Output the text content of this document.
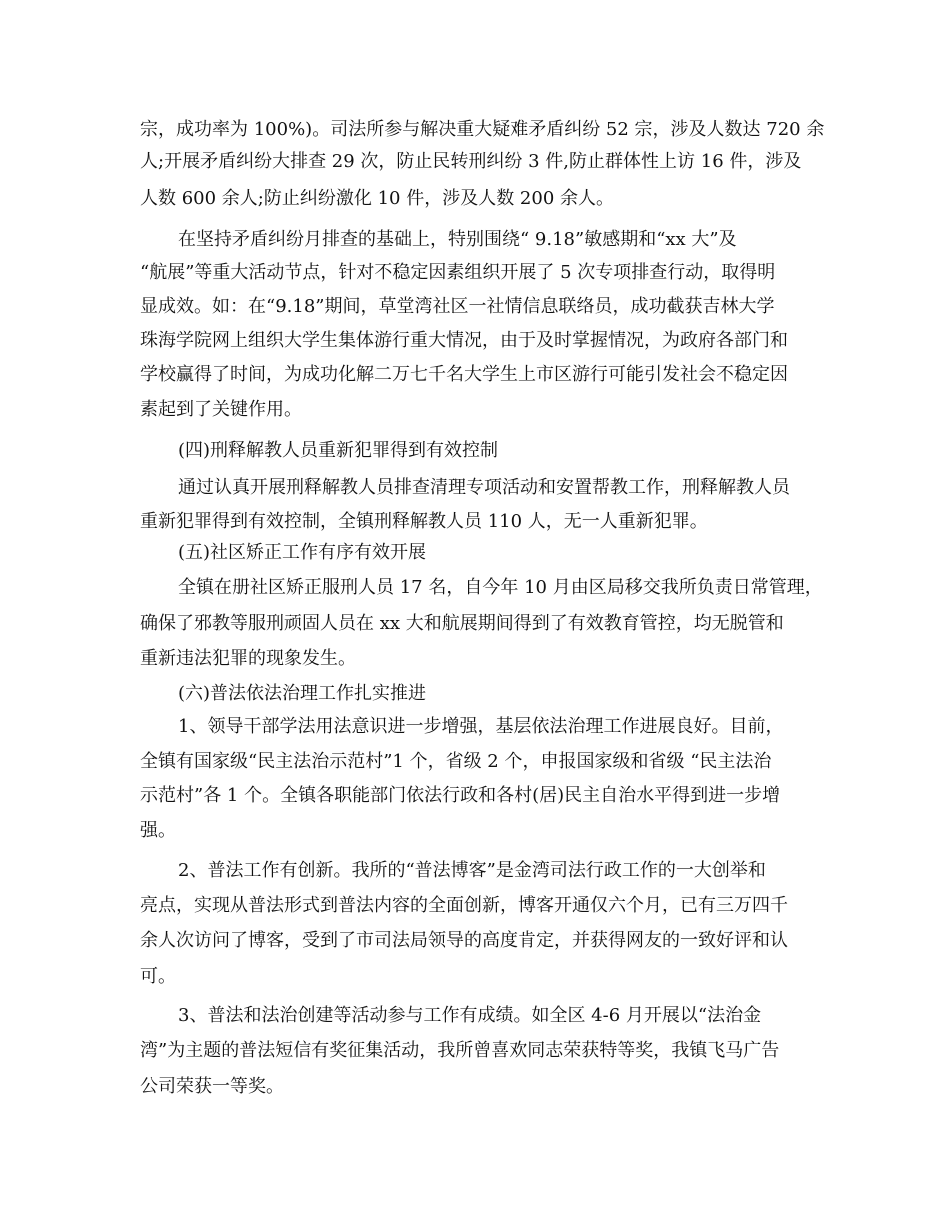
宗，成功率为 100%)。司法所参与解决重大疑难矛盾纠纷 52 宗，涉及人数达 720 余

人;开展矛盾纠纷大排查 29 次，防止民转刑纠纷 3 件,防止群体性上访 16 件，涉及

人数 600 余人;防止纠纷激化 10 件，涉及人数 200 余人。

在坚持矛盾纠纷月排查的基础上，特别围绕“ 9.18”敏感期和“xx 大”及

“航展”等重大活动节点，针对不稳定因素组织开展了 5 次专项排查行动，取得明

显成效。如：在“9.18”期间，草堂湾社区一社情信息联络员，成功截获吉林大学

珠海学院网上组织大学生集体游行重大情况，由于及时掌握情况，为政府各部门和

学校赢得了时间，为成功化解二万七千名大学生上市区游行可能引发社会不稳定因

素起到了关键作用。

(四)刑释解教人员重新犯罪得到有效控制

通过认真开展刑释解教人员排查清理专项活动和安置帮教工作，刑释解教人员

重新犯罪得到有效控制，全镇刑释解教人员 110 人，无一人重新犯罪。

(五)社区矫正工作有序有效开展

全镇在册社区矫正服刑人员 17 名，自今年 10 月由区局移交我所负责日常管理，

确保了邪教等服刑顽固人员在 xx 大和航展期间得到了有效教育管控，均无脱管和

重新违法犯罪的现象发生。

(六)普法依法治理工作扎实推进

1、领导干部学法用法意识进一步增强，基层依法治理工作进展良好。目前，

全镇有国家级“民主法治示范村”1 个，省级 2 个，申报国家级和省级 “民主法治

示范村”各 1 个。全镇各职能部门依法行政和各村(居)民主自治水平得到进一步增

强。

2、普法工作有创新。我所的“普法博客”是金湾司法行政工作的一大创举和

亮点，实现从普法形式到普法内容的全面创新，博客开通仅六个月，已有三万四千

余人次访问了博客，受到了市司法局领导的高度肯定，并获得网友的一致好评和认

可。

3、普法和法治创建等活动参与工作有成绩。如全区 4-6 月开展以“法治金

湾”为主题的普法短信有奖征集活动，我所曾喜欢同志荣获特等奖，我镇飞马广告

公司荣获一等奖。
